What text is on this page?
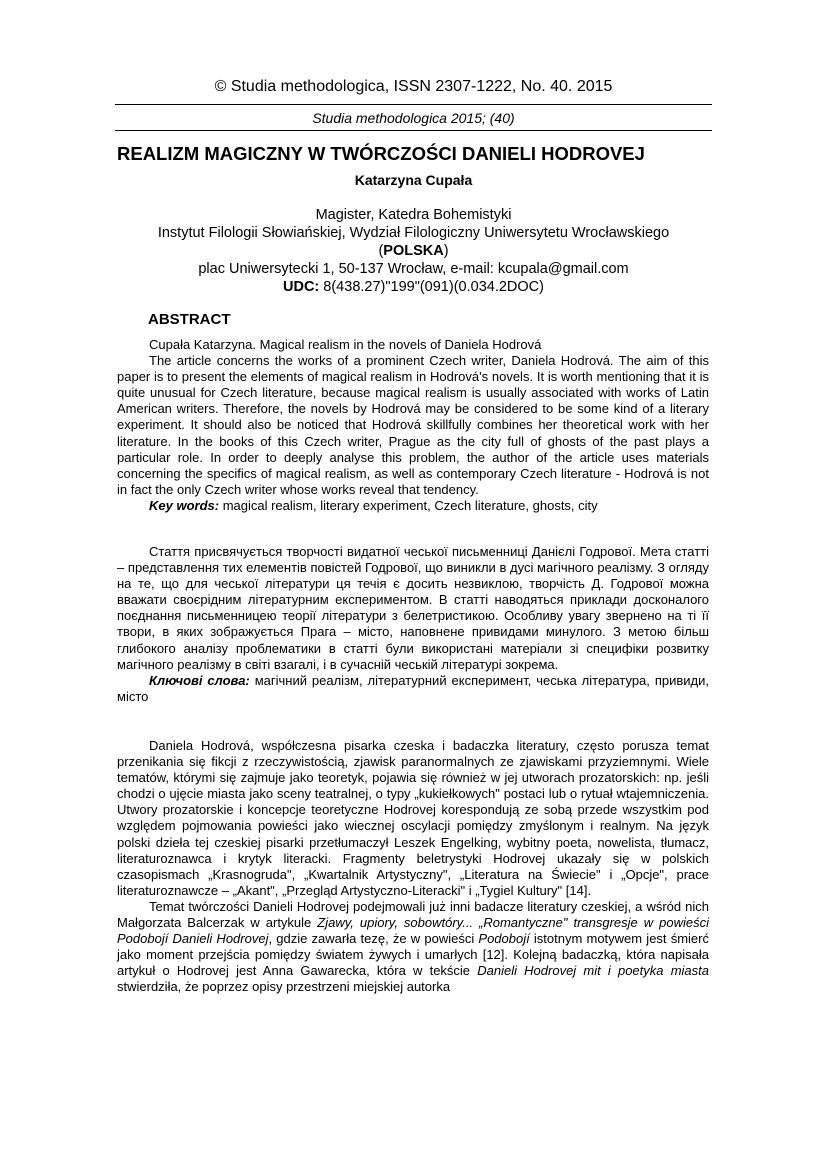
© Studia methodologica, ISSN 2307-1222, No. 40. 2015
Studia methodologica 2015; (40)
REALIZM MAGICZNY W TWÓRCZOŚCI DANIELI HODROVEJ
Katarzyna Cupała
Magister, Katedra Bohemistyki
Instytut Filologii Słowiańskiej, Wydział Filologiczny Uniwersytetu Wrocławskiego
(POLSKA)
plac Uniwersytecki 1, 50-137 Wrocław, e-mail: kcupala@gmail.com
UDC: 8(438.27)"199"(091)(0.034.2DOC)
ABSTRACT

Cupała Katarzyna. Magical realism in the novels of Daniela Hodrová

The article concerns the works of a prominent Czech writer, Daniela Hodrová. The aim of this paper is to present the elements of magical realism in Hodrová's novels. It is worth mentioning that it is quite unusual for Czech literature, because magical realism is usually associated with works of Latin American writers. Therefore, the novels by Hodrová may be considered to be some kind of a literary experiment. It should also be noticed that Hodrová skillfully combines her theoretical work with her literature. In the books of this Czech writer, Prague as the city full of ghosts of the past plays a particular role. In order to deeply analyse this problem, the author of the article uses materials concerning the specifics of magical realism, as well as contemporary Czech literature - Hodrová is not in fact the only Czech writer whose works reveal that tendency.

Key words: magical realism, literary experiment, Czech literature, ghosts, city

Стаття присвячується творчості видатної чеської письменниці Данієлі Годрової. Мета статті – представлення тих елементів повістей Годрової, що виникли в дусі магічного реалізму. З огляду на те, що для чеської літератури ця течія є досить незвиклою, творчість Д. Годрової можна вважати своєрідним літературним експериментом. В статті наводяться приклади досконалого поєднання письменницею теорії літератури з белетристикою. Особливу увагу звернено на ті її твори, в яких зображується Прага – місто, наповнене привидами минулого. З метою більш глибокого аналізу проблематики в статті були використані матеріали зі специфіки розвитку магічного реалізму в світі взагалі, і в сучасній чеській літературі зокрема.

Ключові слова: магічний реалізм, літературний експеримент, чеська література, привиди, місто

Daniela Hodrová, współczesna pisarka czeska i badaczka literatury, często porusza temat przenikania się fikcji z rzeczywistością, zjawisk paranormalnych ze zjawiskami przyziemnymi. Wiele tematów, którymi się zajmuje jako teoretyk, pojawia się również w jej utworach prozatorskich: np. jeśli chodzi o ujęcie miasta jako sceny teatralnej, o typy „kukiełkowych" postaci lub o rytuał wtajemniczenia. Utwory prozatorskie i koncepcje teoretyczne Hodrovej korespondują ze sobą przede wszystkim pod względem pojmowania powieści jako wiecznej oscylacji pomiędzy zmyślonym i realnym. Na język polski dzieła tej czeskiej pisarki przetłumaczył Leszek Engelking, wybitny poeta, nowelista, tłumacz, literaturoznawca i krytyk literacki. Fragmenty beletrystyki Hodrovej ukazały się w polskich czasopismach „Krasnogruda", „Kwartalnik Artystyczny", „Literatura na Świecie" i „Opcje", prace literaturoznawcze – „Akant", „Przegląd Artystyczno-Literacki" i „Tygiel Kultury" [14].

Temat twórczości Danieli Hodrovej podejmowali już inni badacze literatury czeskiej, a wśród nich Małgorzata Balcerzak w artykule Zjawy, upiory, sobowtóry... „Romantyczne" transgresje w powieści Podobojí Danieli Hodrovej, gdzie zawarła tezę, że w powieści Podobojí istotnym motywem jest śmierć jako moment przejścia pomiędzy światem żywych i umarłych [12]. Kolejną badaczką, która napisała artykuł o Hodrovej jest Anna Gawarecka, która w tekście Danieli Hodrovej mit i poetyka miasta stwierdziła, że poprzez opisy przestrzeni miejskiej autorka
